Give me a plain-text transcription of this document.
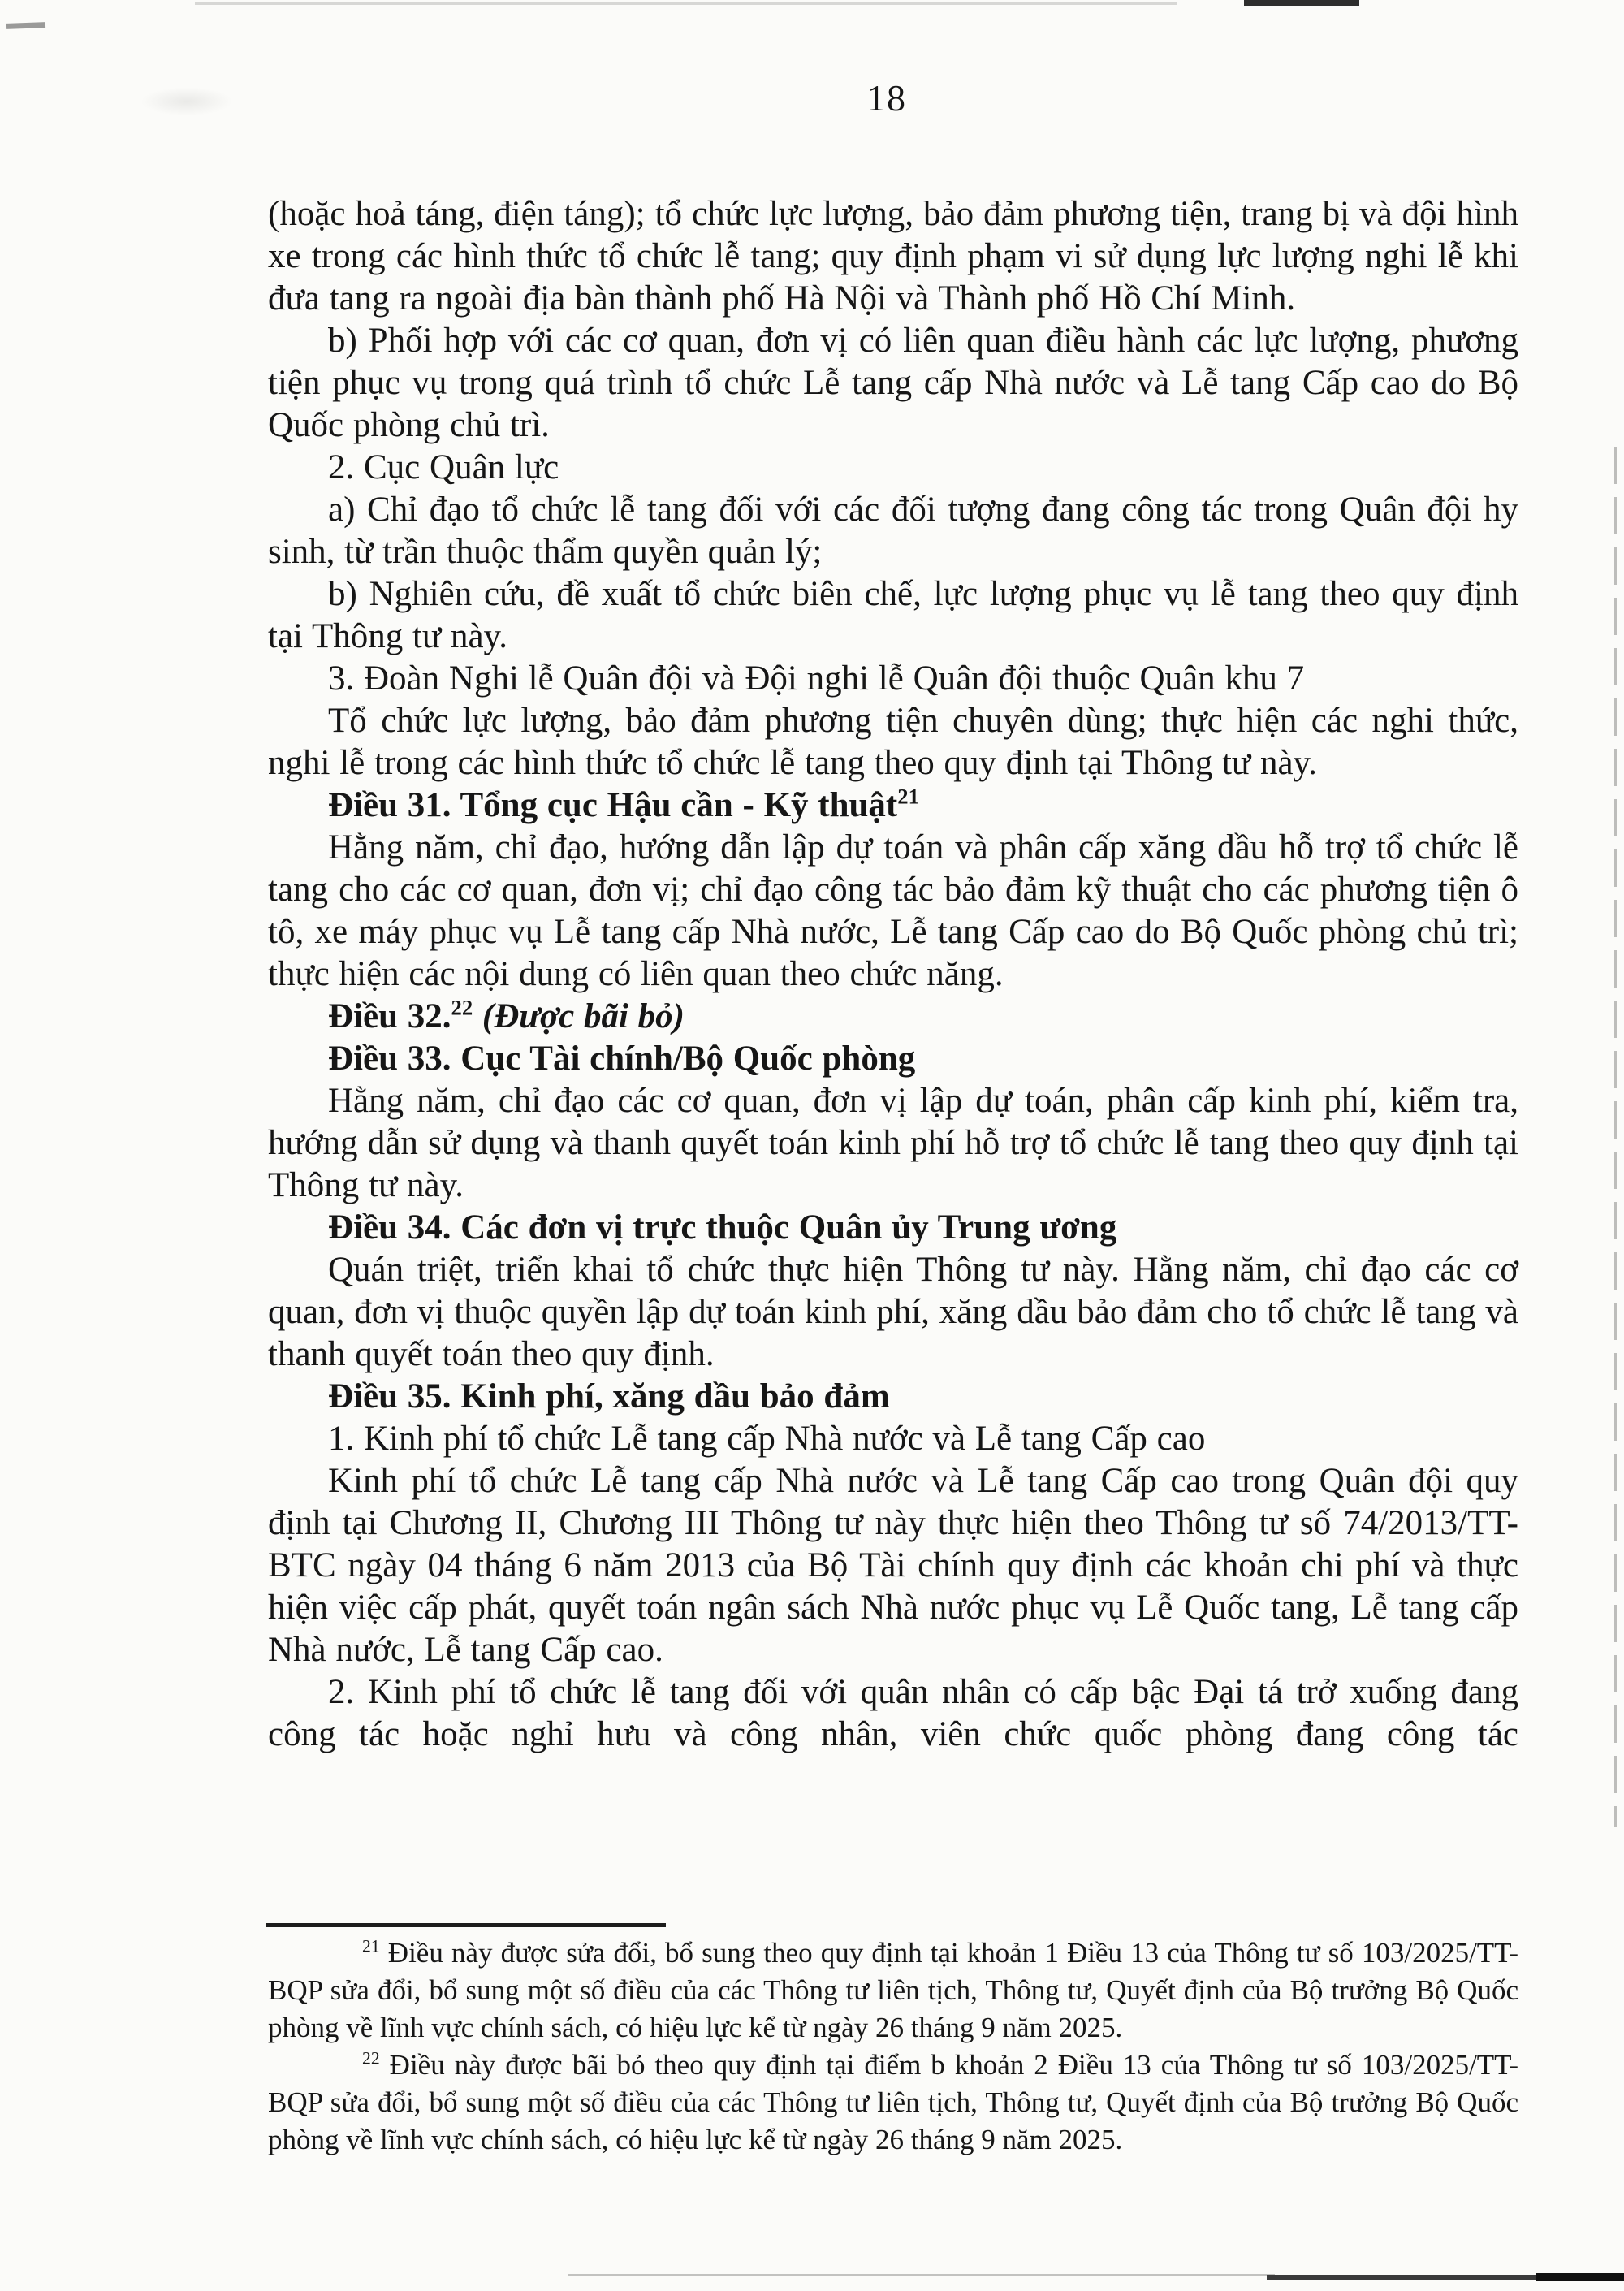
18

(hoặc hoả táng, điện táng); tổ chức lực lượng, bảo đảm phương tiện, trang bị và đội hình xe trong các hình thức tổ chức lễ tang; quy định phạm vi sử dụng lực lượng nghi lễ khi đưa tang ra ngoài địa bàn thành phố Hà Nội và Thành phố Hồ Chí Minh.

b) Phối hợp với các cơ quan, đơn vị có liên quan điều hành các lực lượng, phương tiện phục vụ trong quá trình tổ chức Lễ tang cấp Nhà nước và Lễ tang Cấp cao do Bộ Quốc phòng chủ trì.

2. Cục Quân lực

a) Chỉ đạo tổ chức lễ tang đối với các đối tượng đang công tác trong Quân đội hy sinh, từ trần thuộc thẩm quyền quản lý;

b) Nghiên cứu, đề xuất tổ chức biên chế, lực lượng phục vụ lễ tang theo quy định tại Thông tư này.

3. Đoàn Nghi lễ Quân đội và Đội nghi lễ Quân đội thuộc Quân khu 7

Tổ chức lực lượng, bảo đảm phương tiện chuyên dùng; thực hiện các nghi thức, nghi lễ trong các hình thức tổ chức lễ tang theo quy định tại Thông tư này.

Điều 31. Tổng cục Hậu cần - Kỹ thuật$^{21}$

Hằng năm, chỉ đạo, hướng dẫn lập dự toán và phân cấp xăng dầu hỗ trợ tổ chức lễ tang cho các cơ quan, đơn vị; chỉ đạo công tác bảo đảm kỹ thuật cho các phương tiện ô tô, xe máy phục vụ Lễ tang cấp Nhà nước, Lễ tang Cấp cao do Bộ Quốc phòng chủ trì; thực hiện các nội dung có liên quan theo chức năng.

Điều 32.22 (Được bãi bỏ)

Điều 33. Cục Tài chính/Bộ Quốc phòng

Hằng năm, chỉ đạo các cơ quan, đơn vị lập dự toán, phân cấp kinh phí, kiểm tra, hướng dẫn sử dụng và thanh quyết toán kinh phí hỗ trợ tổ chức lễ tang theo quy định tại Thông tư này.

Điều 34. Các đơn vị trực thuộc Quân ủy Trung ương

Quán triệt, triển khai tổ chức thực hiện Thông tư này. Hằng năm, chỉ đạo các cơ quan, đơn vị thuộc quyền lập dự toán kinh phí, xăng dầu bảo đảm cho tổ chức lễ tang và thanh quyết toán theo quy định.

Điều 35. Kinh phí, xăng dầu bảo đảm

1. Kinh phí tổ chức Lễ tang cấp Nhà nước và Lễ tang Cấp cao

Kinh phí tổ chức Lễ tang cấp Nhà nước và Lễ tang Cấp cao trong Quân đội quy định tại Chương II, Chương III Thông tư này thực hiện theo Thông tư số 74/2013/TT-BTC ngày 04 tháng 6 năm 2013 của Bộ Tài chính quy định các khoản chi phí và thực hiện việc cấp phát, quyết toán ngân sách Nhà nước phục vụ Lễ Quốc tang, Lễ tang cấp Nhà nước, Lễ tang Cấp cao.

2. Kinh phí tổ chức lễ tang đối với quân nhân có cấp bậc Đại tá trở xuống đang công tác hoặc nghỉ hưu và công nhân, viên chức quốc phòng đang công tác

$^{21}$ Điều này được sửa đổi, bổ sung theo quy định tại khoản 1 Điều 13 của Thông tư số 103/2025/TT-BQP sửa đổi, bổ sung một số điều của các Thông tư liên tịch, Thông tư, Quyết định của Bộ trưởng Bộ Quốc phòng về lĩnh vực chính sách, có hiệu lực kể từ ngày 26 tháng 9 năm 2025.

$^{22}$ Điều này được bãi bỏ theo quy định tại điểm b khoản 2 Điều 13 của Thông tư số 103/2025/TT-BQP sửa đổi, bổ sung một số điều của các Thông tư liên tịch, Thông tư, Quyết định của Bộ trưởng Bộ Quốc phòng về lĩnh vực chính sách, có hiệu lực kể từ ngày 26 tháng 9 năm 2025.
